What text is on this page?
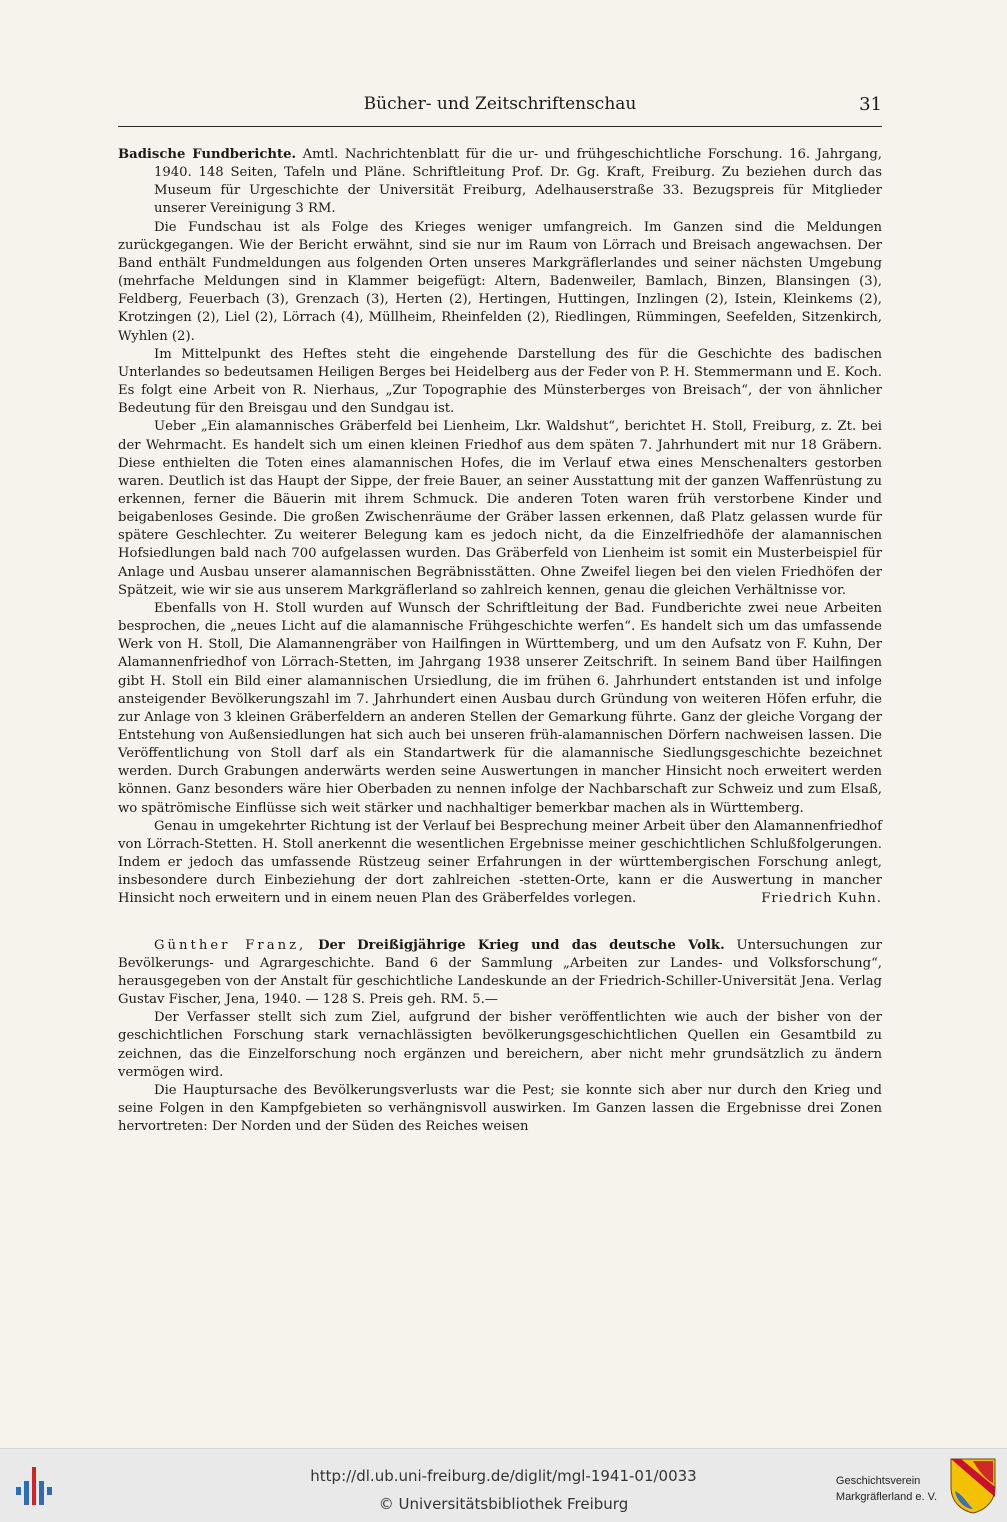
Bücher- und Zeitschriftenschau	31

Badische Fundberichte. Amtl. Nachrichtenblatt für die ur- und frühgeschichtliche Forschung. 16. Jahrgang, 1940. 148 Seiten, Tafeln und Pläne. Schriftleitung Prof. Dr. Gg. Kraft, Freiburg. Zu beziehen durch das Museum für Urgeschichte der Universität Freiburg, Adelhauserstraße 33. Bezugspreis für Mitglieder unserer Vereinigung 3 RM.

Die Fundschau ist als Folge des Krieges weniger umfangreich. Im Ganzen sind die Meldungen zurückgegangen. Wie der Bericht erwähnt, sind sie nur im Raum von Lörrach und Breisach angewachsen. Der Band enthält Fundmeldungen aus folgenden Orten unseres Markgräflerlandes und seiner nächsten Umgebung (mehrfache Meldungen sind in Klammer beigefügt: Altern, Badenweiler, Bamlach, Binzen, Blansingen (3), Feldberg, Feuerbach (3), Grenzach (3), Herten (2), Hertingen, Huttingen, Inzlingen (2), Istein, Kleinkems (2), Krotzingen (2), Liel (2), Lörrach (4), Müllheim, Rheinfelden (2), Riedlingen, Rümmingen, Seefelden, Sitzenkirch, Wyhlen (2).

Im Mittelpunkt des Heftes steht die eingehende Darstellung des für die Geschichte des badischen Unterlandes so bedeutsamen Heiligen Berges bei Heidelberg aus der Feder von P. H. Stemmermann und E. Koch. Es folgt eine Arbeit von R. Nierhaus, „Zur Topographie des Münsterberges von Breisach“, der von ähnlicher Bedeutung für den Breisgau und den Sundgau ist.

Ueber „Ein alamannisches Gräberfeld bei Lienheim, Lkr. Waldshut“, berichtet H. Stoll, Freiburg, z. Zt. bei der Wehrmacht. Es handelt sich um einen kleinen Friedhof aus dem späten 7. Jahrhundert mit nur 18 Gräbern. Diese enthielten die Toten eines alamannischen Hofes, die im Verlauf etwa eines Menschenalters gestorben waren. Deutlich ist das Haupt der Sippe, der freie Bauer, an seiner Ausstattung mit der ganzen Waffenrüstung zu erkennen, ferner die Bäuerin mit ihrem Schmuck. Die anderen Toten waren früh verstorbene Kinder und beigabenloses Gesinde. Die großen Zwischenräume der Gräber lassen erkennen, daß Platz gelassen wurde für spätere Geschlechter. Zu weiterer Belegung kam es jedoch nicht, da die Einzelfriedhöfe der alamannischen Hofsiedlungen bald nach 700 aufgelassen wurden. Das Gräberfeld von Lienheim ist somit ein Musterbeispiel für Anlage und Ausbau unserer alamannischen Begräbnisstätten. Ohne Zweifel liegen bei den vielen Friedhöfen der Spätzeit, wie wir sie aus unserem Markgräflerland so zahlreich kennen, genau die gleichen Verhältnisse vor.

Ebenfalls von H. Stoll wurden auf Wunsch der Schriftleitung der Bad. Fundberichte zwei neue Arbeiten besprochen, die „neues Licht auf die alamannische Frühgeschichte werfen“. Es handelt sich um das umfassende Werk von H. Stoll, Die Alamannengräber von Hailfingen in Württemberg, und um den Aufsatz von F. Kuhn, Der Alamannenfriedhof von Lörrach-Stetten, im Jahrgang 1938 unserer Zeitschrift. In seinem Band über Hailfingen gibt H. Stoll ein Bild einer alamannischen Ursiedlung, die im frühen 6. Jahrhundert entstanden ist und infolge ansteigender Bevölkerungszahl im 7. Jahrhundert einen Ausbau durch Gründung von weiteren Höfen erfuhr, die zur Anlage von 3 kleinen Gräberfeldern an anderen Stellen der Gemarkung führte. Ganz der gleiche Vorgang der Entstehung von Außensiedlungen hat sich auch bei unseren früh-alamannischen Dörfern nachweisen lassen. Die Veröffentlichung von Stoll darf als ein Standartwerk für die alamannische Siedlungsgeschichte bezeichnet werden. Durch Grabungen anderwärts werden seine Auswertungen in mancher Hinsicht noch erweitert werden können. Ganz besonders wäre hier Oberbaden zu nennen infolge der Nachbarschaft zur Schweiz und zum Elsaß, wo spätrömische Einflüsse sich weit stärker und nachhaltiger bemerkbar machen als in Württemberg.

Genau in umgekehrter Richtung ist der Verlauf bei Besprechung meiner Arbeit über den Alamannenfriedhof von Lörrach-Stetten. H. Stoll anerkennt die wesentlichen Ergebnisse meiner geschichtlichen Schlußfolgerungen. Indem er jedoch das umfassende Rüstzeug seiner Erfahrungen in der württembergischen Forschung anlegt, insbesondere durch Einbeziehung der dort zahlreichen -stetten-Orte, kann er die Auswertung in mancher Hinsicht noch erweitern und in einem neuen Plan des Gräberfeldes vorlegen.	Friedrich Kuhn.

Günther Franz, Der Dreißigjährige Krieg und das deutsche Volk. Untersuchungen zur Bevölkerungs- und Agrargeschichte. Band 6 der Sammlung „Arbeiten zur Landes- und Volksforschung“, herausgegeben von der Anstalt für geschichtliche Landeskunde an der Friedrich-Schiller-Universität Jena. Verlag Gustav Fischer, Jena, 1940. — 128 S. Preis geh. RM. 5.—

Der Verfasser stellt sich zum Ziel, aufgrund der bisher veröffentlichten wie auch der bisher von der geschichtlichen Forschung stark vernachlässigten bevölkerungsgeschichtlichen Quellen ein Gesamtbild zu zeichnen, das die Einzelforschung noch ergänzen und bereichern, aber nicht mehr grundsätzlich zu ändern vermögen wird.

Die Hauptursache des Bevölkerungsverlusts war die Pest; sie konnte sich aber nur durch den Krieg und seine Folgen in den Kampfgebieten so verhängnisvoll auswirken. Im Ganzen lassen die Ergebnisse drei Zonen hervortreten: Der Norden und der Süden des Reiches weisen

http://dl.ub.uni-freiburg.de/diglit/mgl-1941-01/0033
© Universitätsbibliothek Freiburg
Geschichtsverein
Markgräflerland e. V.
